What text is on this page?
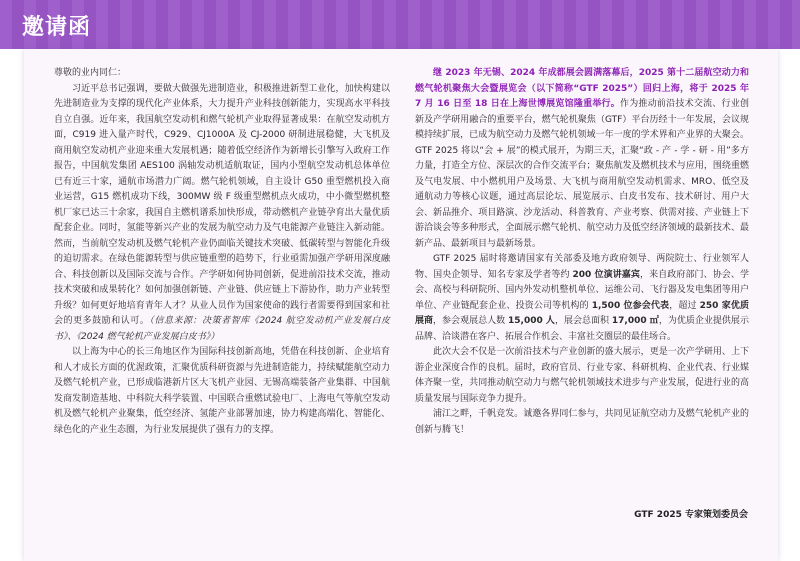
邀请函

尊敬的业内同仁：

习近平总书记强调，要做大做强先进制造业，积极推进新型工业化，加快构建以先进制造业为支撑的现代化产业体系，大力提升产业科技创新能力，实现高水平科技自立自强。近年来，我国航空发动机和燃气轮机产业取得显著成果：在航空发动机方面，C919 进入量产时代，C929、CJ1000A 及 CJ-2000 研制进展稳健，大飞机及商用航空发动机产业迎来重大发展机遇；随着低空经济作为新增长引擎写入政府工作报告，中国航发集团 AES100 涡轴发动机适航取证，国内小型航空发动机总体单位已有近三十家，通航市场潜力广阔。燃气轮机领域，自主设计 G50 重型燃机投入商业运营，G15 燃机成功下线，300MW 级 F 级重型燃机点火成功，中小微型燃机整机厂家已达三十余家，我国自主燃机谱系加快形成，带动燃机产业链孕育出大量优质配套企业。同时，氢能等新兴产业的发展为航空动力及气电能源产业链注入新动能。然而，当前航空发动机及燃气轮机产业仍面临关键技术突破、低碳转型与智能化升级的迫切需求。在绿色能源转型与供应链重塑的趋势下，行业亟需加强产学研用深度融合、科技创新以及国际交流与合作。产学研如何协同创新，促进前沿技术交流，推动技术突破和成果转化？如何加强创新链、产业链、供应链上下游协作，助力产业转型升级？如何更好地培育青年人才？从业人员作为国家使命的践行者需要得到国家和社会的更多鼓励和认可。（信息来源：决策者智库《2024 航空发动机产业发展白皮书》、《2024 燃气轮机产业发展白皮书》）

以上海为中心的长三角地区作为国际科技创新高地，凭借在科技创新、企业培育和人才成长方面的优渥政策，汇聚优质科研资源与先进制造能力，持续赋能航空动力及燃气轮机产业，已形成临港新片区大飞机产业园、无锡高端装备产业集群、中国航发商发制造基地、中科院大科学装置、中国联合重燃试验电厂、上海电气等航空发动机及燃气轮机产业聚集，低空经济、氢能产业部署加速，协力构建高端化、智能化、绿色化的产业生态圈，为行业发展提供了强有力的支撑。

继 2023 年无锡、2024 年成都展会圆满落幕后，2025 第十二届航空动力和燃气轮机聚焦大会暨展览会（以下简称“GTF 2025”）回归上海，将于 2025 年 7 月 16 日至 18 日在上海世博展览馆隆重举行。作为推动前沿技术交流、行业创新及产学研用融合的重要平台，燃气轮机聚焦（GTF）平台历经十一年发展，会议规模持续扩展，已成为航空动力及燃气轮机领域一年一度的学术界和产业界的大聚会。GTF 2025 将以“会 + 展”的模式展开，为期三天，汇聚“政 - 产 - 学 - 研 - 用”多方力量，打造全方位、深层次的合作交流平台；聚焦航发及燃机技术与应用，围绕重燃及气电发展、中小燃机用户及场景、大飞机与商用航空发动机需求、MRO、低空及通航动力等核心议题，通过高层论坛、展览展示、白皮书发布、技术研讨、用户大会、新品推介、项目路演、沙龙活动、科普教育、产业考察、供需对接、产业链上下游洽谈会等多种形式，全面展示燃气轮机、航空动力及低空经济领域的最新技术、最新产品、最新项目与最新场景。

GTF 2025 届时将邀请国家有关部委及地方政府领导、两院院士、行业领军人物、国央企领导、知名专家及学者等约 200 位演讲嘉宾，来自政府部门、协会、学会、高校与科研院所、国内外发动机整机单位、运维公司、飞行器及发电集团等用户单位、产业链配套企业、投资公司等机构的 1,500 位参会代表，超过 250 家优质展商，参会观展总人数 15,000 人，展会总面积 17,000 ㎡，为优质企业提供展示品牌、洽谈潜在客户、拓展合作机会、丰富社交圈层的最佳场合。

此次大会不仅是一次前沿技术与产业创新的盛大展示，更是一次产学研用、上下游企业深度合作的良机。届时，政府官员、行业专家、科研机构、企业代表、行业媒体齐聚一堂，共同推动航空动力与燃气轮机领域技术进步与产业发展，促进行业的高质量发展与国际竞争力提升。

浦江之畔，千帆竞发。诚邀各界同仁参与，共同见证航空动力及燃气轮机产业的创新与腾飞！

GTF 2025 专家策划委员会
